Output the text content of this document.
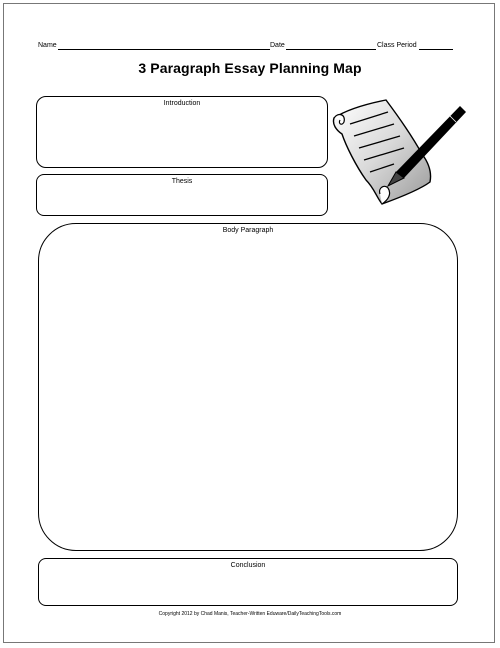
Name	Date	Class Period
3 Paragraph Essay Planning Map
Introduction
Thesis
Body Paragraph
Conclusion
Copyright 2012 by Chad Manis, Teacher-Written Eduware/DailyTeachingTools.com
